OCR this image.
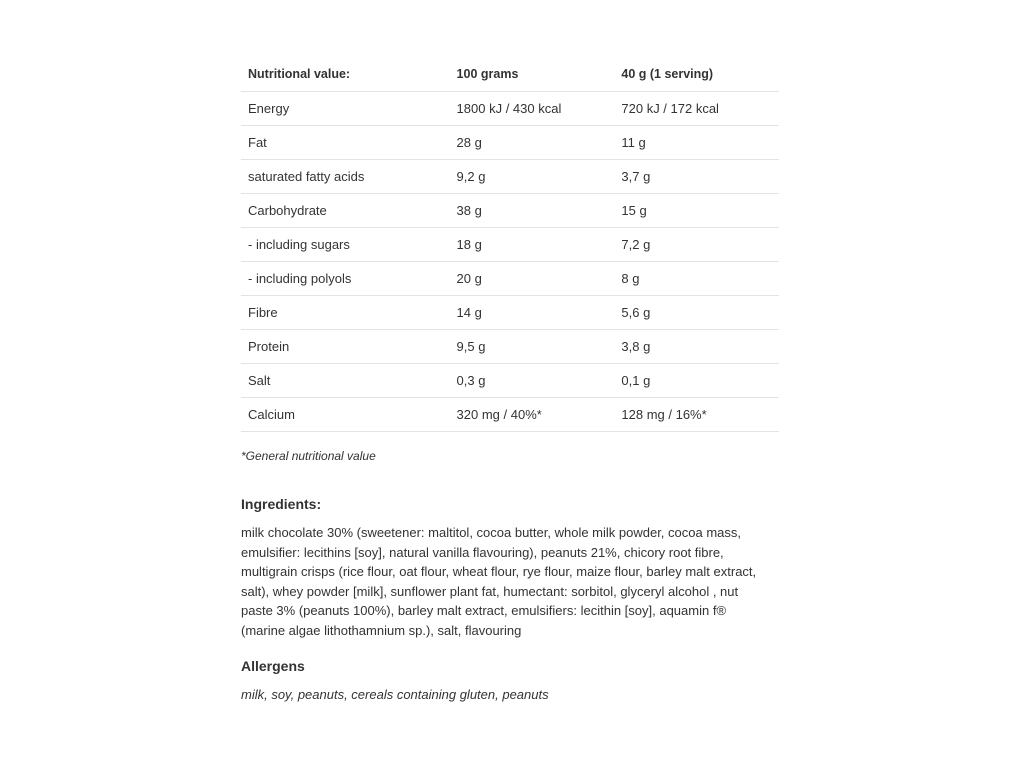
Nutritional value:	100 grams	40 g (1 serving)
Energy	1800 kJ / 430 kcal	720 kJ / 172 kcal
Fat	28 g	11 g
saturated fatty acids	9,2 g	3,7 g
Carbohydrate	38 g	15 g
- including sugars	18 g	7,2 g
- including polyols	20 g	8 g
Fibre	14 g	5,6 g
Protein	9,5 g	3,8 g
Salt	0,3 g	0,1 g
Calcium	320 mg / 40%*	128 mg / 16%*
*General nutritional value
Ingredients:
milk chocolate 30% (sweetener: maltitol, cocoa butter, whole milk powder, cocoa mass, emulsifier: lecithins [soy], natural vanilla flavouring), peanuts 21%, chicory root fibre, multigrain crisps (rice flour, oat flour, wheat flour, rye flour, maize flour, barley malt extract, salt), whey powder [milk], sunflower plant fat, humectant: sorbitol, glyceryl alcohol , nut paste 3% (peanuts 100%), barley malt extract, emulsifiers: lecithin [soy], aquamin f® (marine algae lithothamnium sp.), salt, flavouring
Allergens
milk, soy, peanuts, cereals containing gluten, peanuts
